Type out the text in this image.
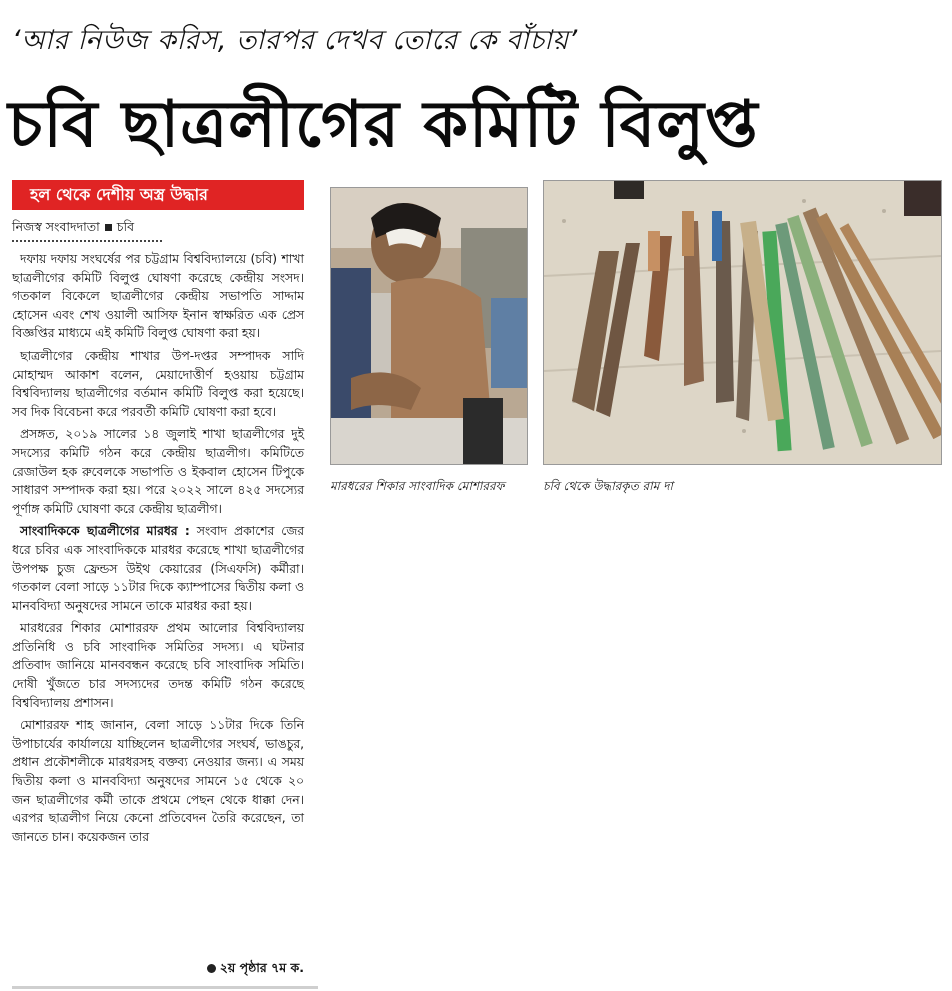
‘আর নিউজ করিস, তারপর দেখব তোরে কে বাঁচায়’
চবি ছাত্রলীগের কমিটি বিলুপ্ত
হল থেকে দেশীয় অস্ত্র উদ্ধার
নিজস্ব সংবাদদাতা চবি

দফায় দফায় সংঘর্ষের পর চট্টগ্রাম বিশ্ববিদ্যালয়ে (চবি) শাখা ছাত্রলীগের কমিটি বিলুপ্ত ঘোষণা করেছে কেন্দ্রীয় সংসদ। গতকাল বিকেলে ছাত্রলীগের কেন্দ্রীয় সভাপতি সাদ্দাম হোসেন এবং শেখ ওয়ালী আসিফ ইনান স্বাক্ষরিত এক প্রেস বিজ্ঞপ্তির মাধ্যমে এই কমিটি বিলুপ্ত ঘোষণা করা হয়।

ছাত্রলীগের কেন্দ্রীয় শাখার উপ-দপ্তর সম্পাদক সাদি মোহাম্মদ আকাশ বলেন, মেয়াদোত্তীর্ণ হওয়ায় চট্টগ্রাম বিশ্ববিদ্যালয় ছাত্রলীগের বর্তমান কমিটি বিলুপ্ত করা হয়েছে। সব দিক বিবেচনা করে পরবর্তী কমিটি ঘোষণা করা হবে।

প্রসঙ্গত, ২০১৯ সালের ১৪ জুলাই শাখা ছাত্রলীগের দুই সদস্যের কমিটি গঠন করে কেন্দ্রীয় ছাত্রলীগ। কমিটিতে রেজাউল হক রুবেলকে সভাপতি ও ইকবাল হোসেন টিপুকে সাধারণ সম্পাদক করা হয়। পরে ২০২২ সালে ৪২৫ সদস্যের পূর্ণাঙ্গ কমিটি ঘোষণা করে কেন্দ্রীয় ছাত্রলীগ।

সাংবাদিককে ছাত্রলীগের মারধর : সংবাদ প্রকাশের জের ধরে চবির এক সাংবাদিককে মারধর করেছে শাখা ছাত্রলীগের উপপক্ষ চুজ ফ্রেন্ডস উইথ কেয়ারের (সিএফসি) কর্মীরা। গতকাল বেলা সাড়ে ১১টার দিকে ক্যাম্পাসের দ্বিতীয় কলা ও মানববিদ্যা অনুষদের সামনে তাকে মারধর করা হয়।

মারধরের শিকার মোশাররফ প্রথম আলোর বিশ্ববিদ্যালয় প্রতিনিধি ও চবি সাংবাদিক সমিতির সদস্য। এ ঘটনার প্রতিবাদ জানিয়ে মানববন্ধন করেছে চবি সাংবাদিক সমিতি। দোষী খুঁজতে চার সদস্যদের তদন্ত কমিটি গঠন করেছে বিশ্ববিদ্যালয় প্রশাসন।

মোশাররফ শাহ জানান, বেলা সাড়ে ১১টার দিকে তিনি উপাচার্যের কার্যালয়ে যাচ্ছিলেন ছাত্রলীগের সংঘর্ষ, ভাঙচুর, প্রধান প্রকৌশলীকে মারধরসহ বক্তব্য নেওয়ার জন্য। এ সময় দ্বিতীয় কলা ও মানববিদ্যা অনুষদের সামনে ১৫ থেকে ২০ জন ছাত্রলীগের কর্মী তাকে প্রথমে পেছন থেকে ধাক্কা দেন। এরপর ছাত্রলীগ নিয়ে কেনো প্রতিবেদন তৈরি করেছেন, তা জানতে চান। কয়েকজন তার

২য় পৃষ্ঠার ৭ম ক.
মারধরের শিকার সাংবাদিক মোশাররফ	চবি থেকে উদ্ধারকৃত রাম দা
